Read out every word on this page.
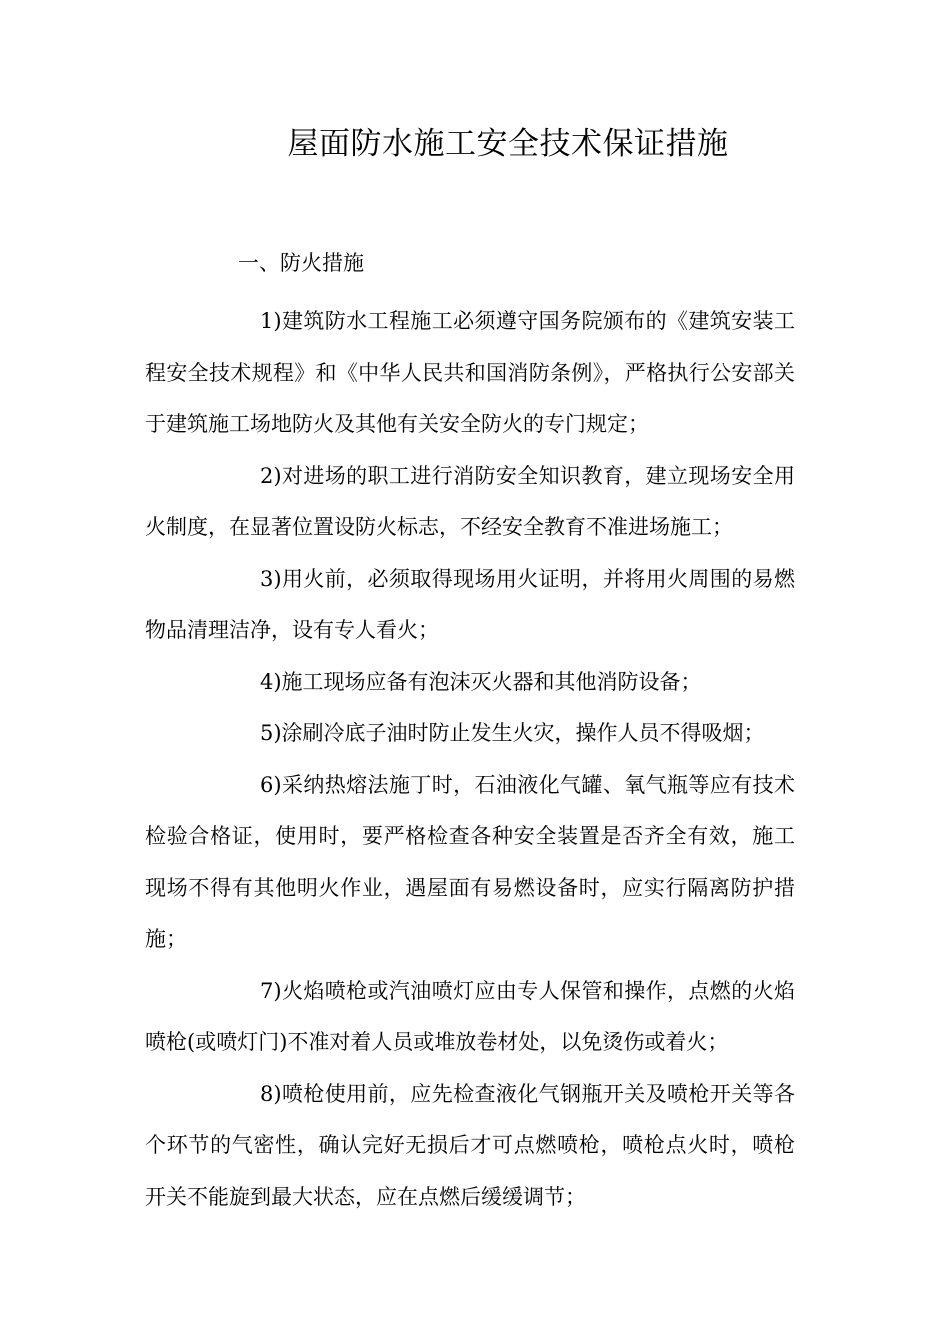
屋面防水施工安全技术保证措施
一、防火措施

1)建筑防水工程施工必须遵守国务院颁布的《建筑安装工程安全技术规程》和《中华人民共和国消防条例》，严格执行公安部关于建筑施工场地防火及其他有关安全防火的专门规定；

2)对进场的职工进行消防安全知识教育，建立现场安全用火制度，在显著位置设防火标志，不经安全教育不准进场施工；

3)用火前，必须取得现场用火证明，并将用火周围的易燃物品清理洁净，设有专人看火；

4)施工现场应备有泡沫灭火器和其他消防设备；

5)涂刷冷底子油时防止发生火灾，操作人员不得吸烟；

6)采纳热熔法施丁时，石油液化气罐、氧气瓶等应有技术检验合格证，使用时，要严格检查各种安全装置是否齐全有效，施工现场不得有其他明火作业，遇屋面有易燃设备时，应实行隔离防护措施；

7)火焰喷枪或汽油喷灯应由专人保管和操作，点燃的火焰喷枪(或喷灯门)不准对着人员或堆放卷材处，以免烫伤或着火；

8)喷枪使用前，应先检查液化气钢瓶开关及喷枪开关等各个环节的气密性，确认完好无损后才可点燃喷枪，喷枪点火时，喷枪开关不能旋到最大状态，应在点燃后缓缓调节；
